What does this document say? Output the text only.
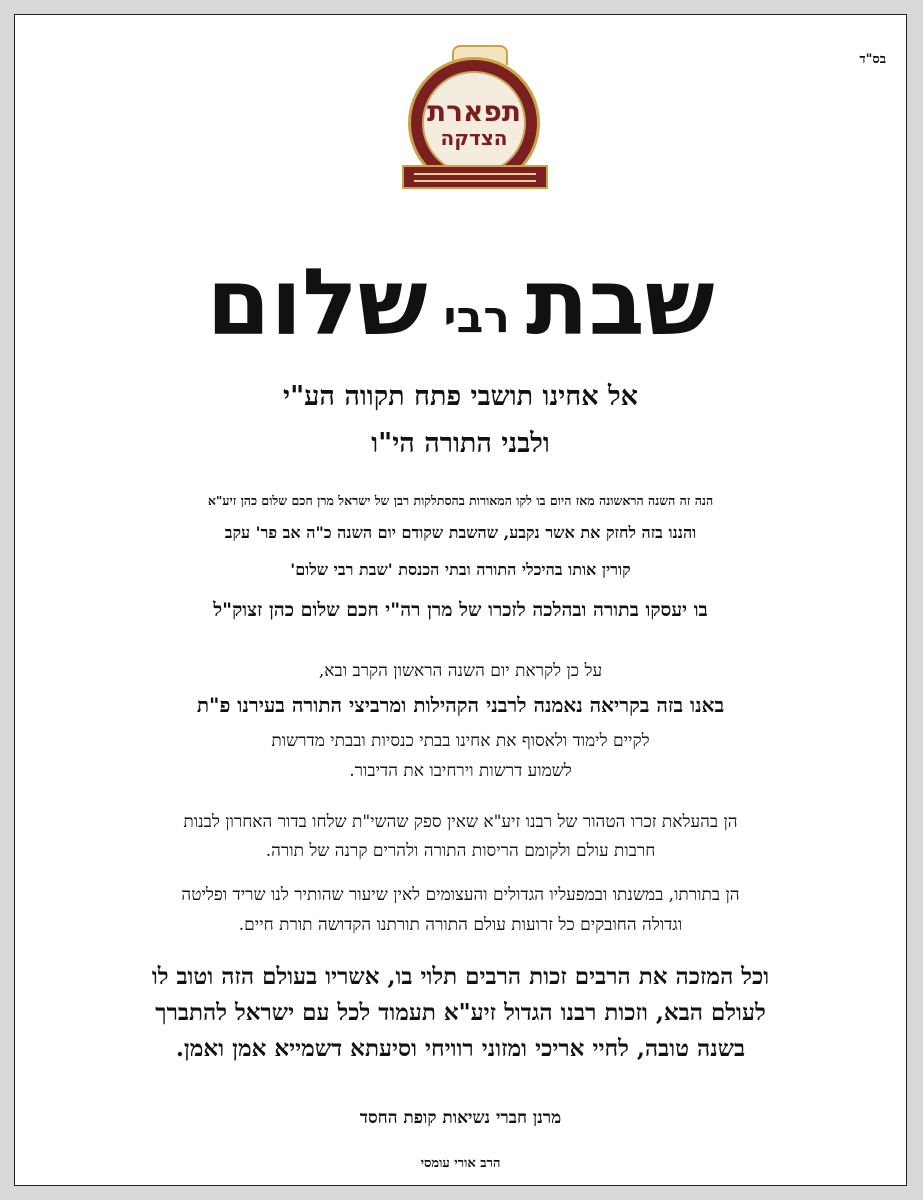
בס"ד
תפארת
הצדקה
שבת
רבי
שלום
אל אחינו תושבי פתח תקווה הע"י
ולבני התורה הי"ו
הנה זה השנה הראשונה מאז היום בו לקו המאורות בהסתלקות רבן של ישראל מרן חכם שלום כהן זיע"א
והננו בזה לחזק את אשר נקבע, שהשבת שקודם יום השנה כ"ה אב פר' עקב
קורין אותו בהיכלי התורה ובתי הכנסת 'שבת רבי שלום'
בו יעסקו בתורה ובהלכה לזכרו של מרן רה"י חכם שלום כהן זצוק"ל
על כן לקראת יום השנה הראשון הקרב ובא,
באנו בזה בקריאה נאמנה לרבני הקהילות ומרביצי התורה בעירנו פ"ת
לקיים לימוד ולאסוף את אחינו בבתי כנסיות ובבתי מדרשות
לשמוע דרשות וירחיבו את הדיבור.
הן בהעלאת זכרו הטהור של רבנו זיע"א שאין ספק שהשי"ת שלחו בדור האחרון לבנות
חרבות עולם ולקומם הריסות התורה ולהרים קרנה של תורה.
הן בתורתו, במשנתו ובמפעליו הגדולים והעצומים לאין שיעור שהותיר לנו שריד ופליטה
וגדולה החובקים כל זרועות עולם התורה תורתנו הקדושה תורת חיים.
וכל המזכה את הרבים זכות הרבים תלוי בו, אשריו בעולם הזה וטוב לו
לעולם הבא, וזכות רבנו הגדול זיע"א תעמוד לכל עם ישראל להתברך
בשנה טובה, לחיי אריכי ומזוני רוויחי וסיעתא דשמייא אמן ואמן.
מרנן חברי נשיאות קופת החסד
הרב אורי עומסי
